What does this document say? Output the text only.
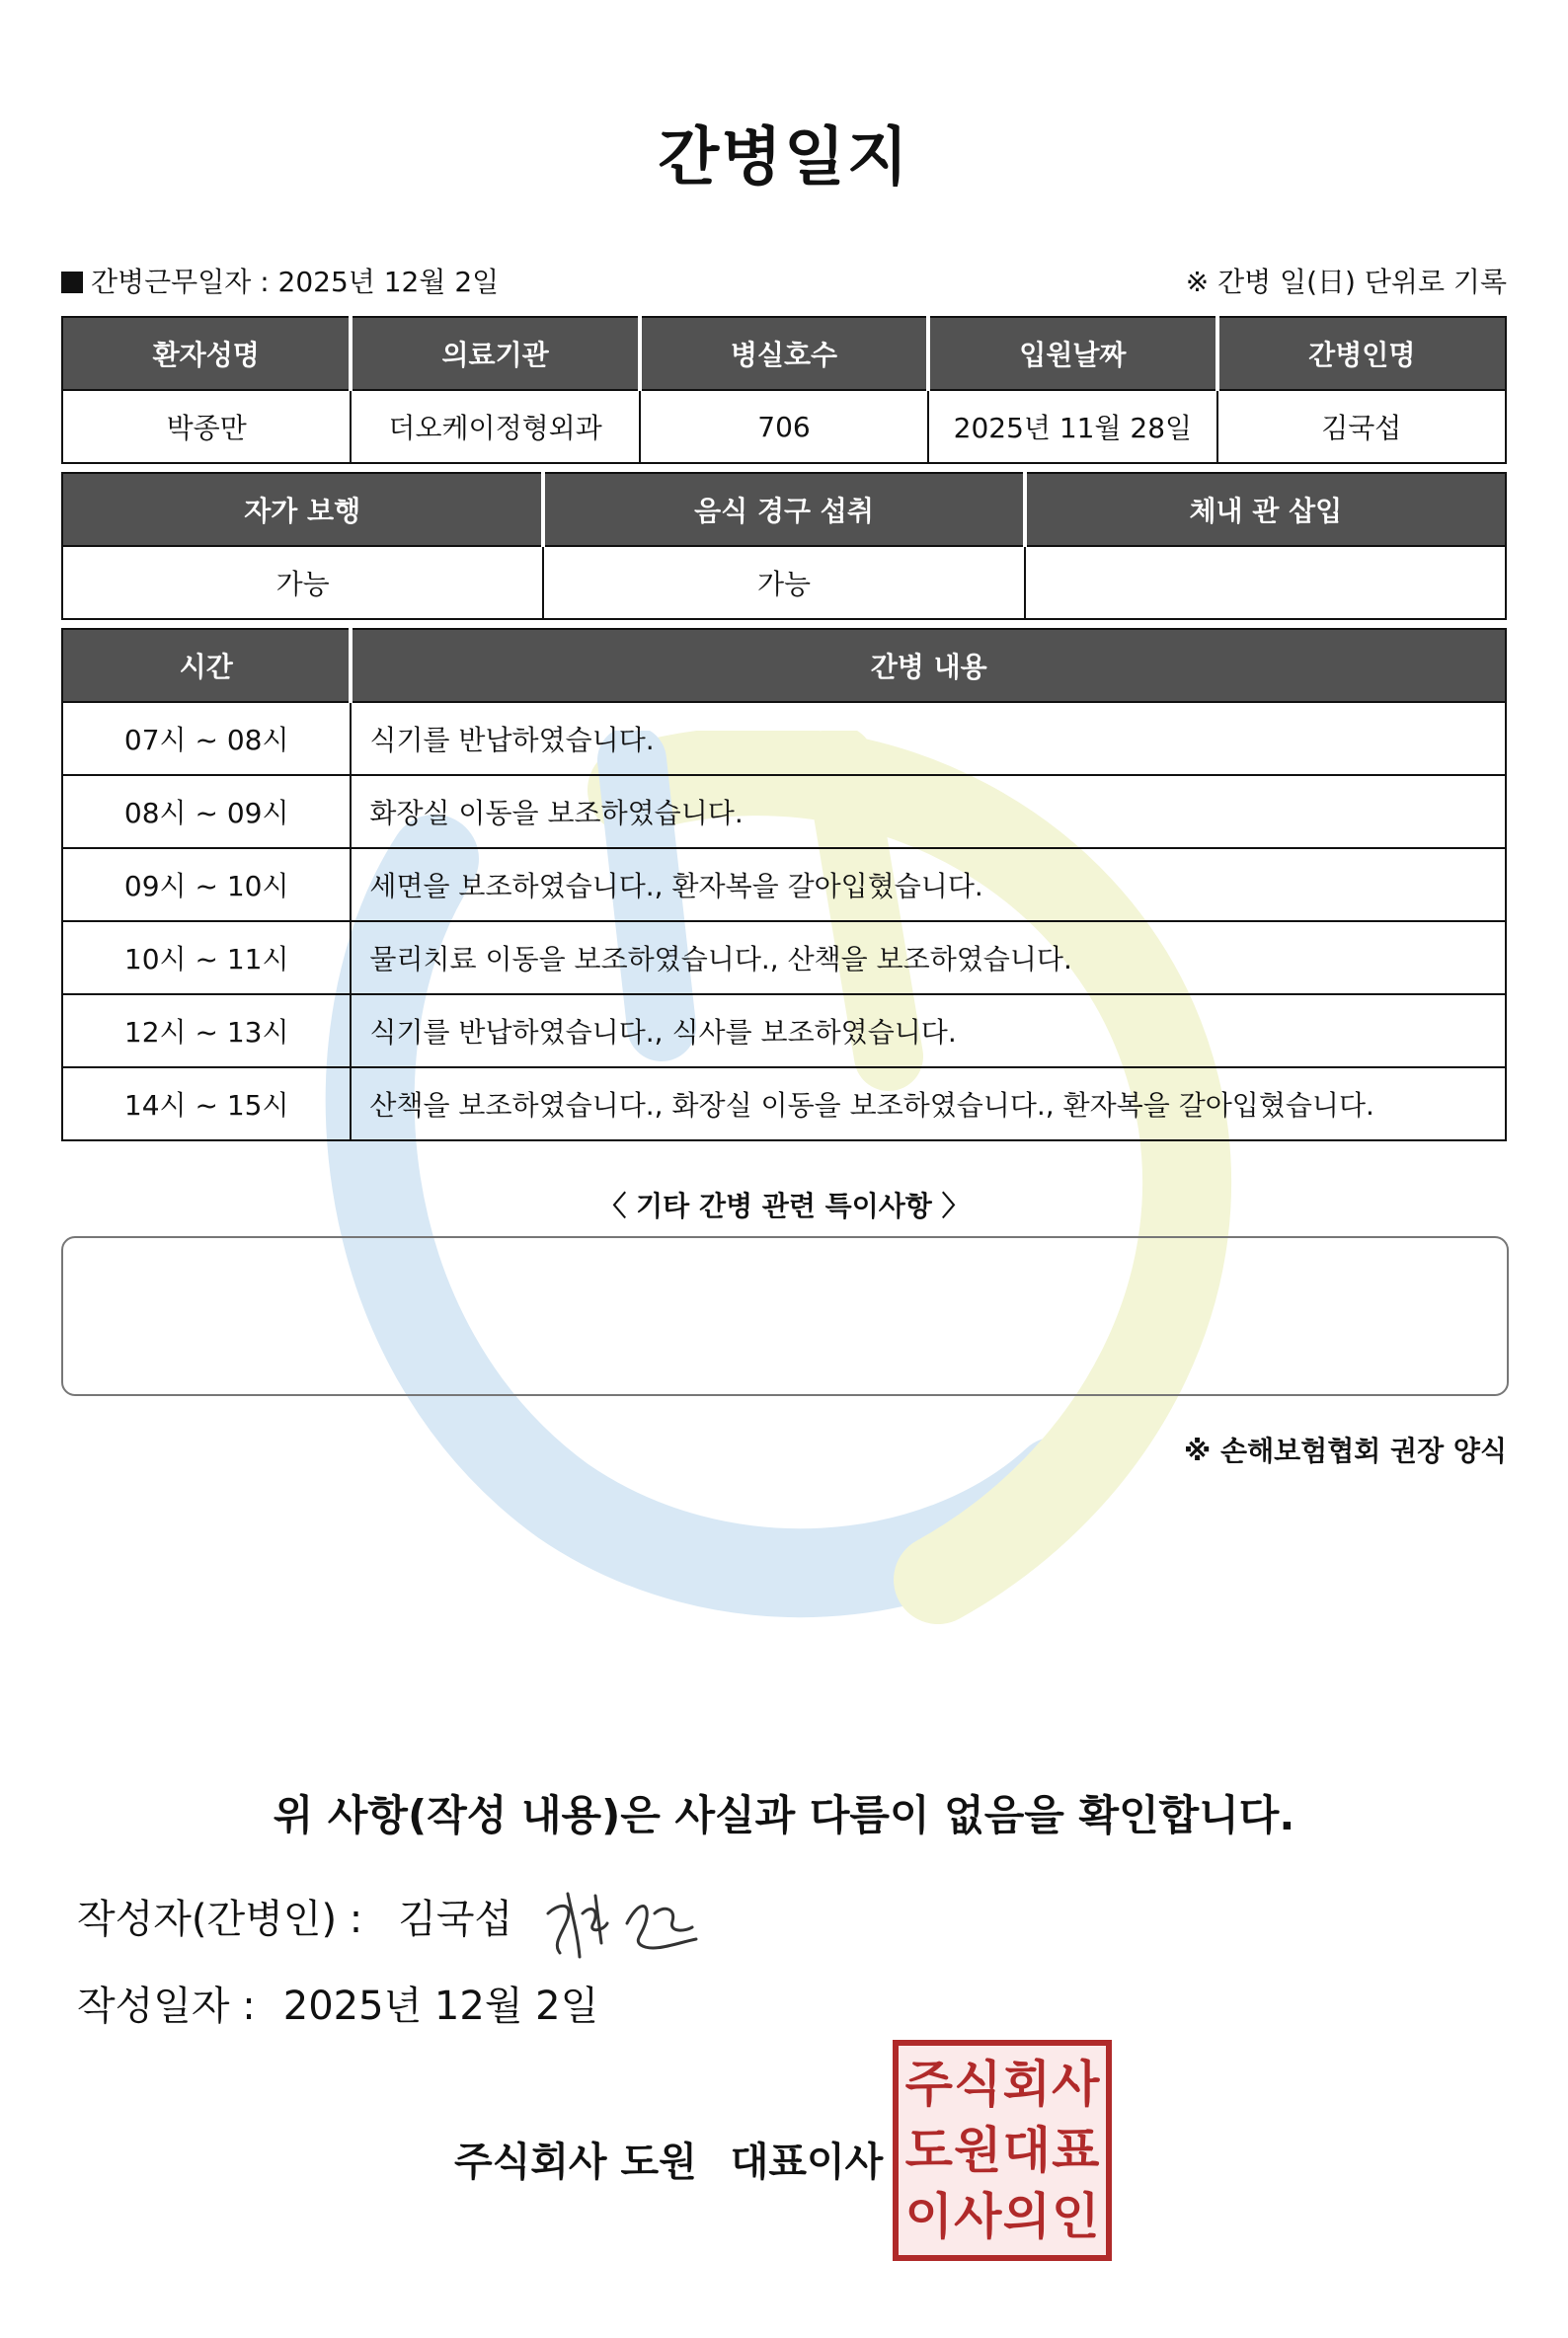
간병일지
간병근무일자 : 2025년 12월 2일	※ 간병 일(日) 단위로 기록
환자성명	의료기관	병실호수	입원날짜	간병인명
박종만	더오케이정형외과	706	2025년 11월 28일	김국섭
자가 보행	음식 경구 섭취	체내 관 삽입
가능	가능	
시간	간병 내용
07시 ~ 08시	식기를 반납하였습니다.
08시 ~ 09시	화장실 이동을 보조하였습니다.
09시 ~ 10시	세면을 보조하였습니다., 환자복을 갈아입혔습니다.
10시 ~ 11시	물리치료 이동을 보조하였습니다., 산책을 보조하였습니다.
12시 ~ 13시	식기를 반납하였습니다., 식사를 보조하였습니다.
14시 ~ 15시	산책을 보조하였습니다., 화장실 이동을 보조하였습니다., 환자복을 갈아입혔습니다.
〈 기타 간병 관련 특이사항 〉
※ 손해보험협회 권장 양식
위 사항(작성 내용)은 사실과 다름이 없음을 확인합니다.
작성자(간병인) : 김국섭
작성일자 : 2025년 12월 2일
주식회사 도원 대표이사
주 식 회 사
도 원 대 표
이 사 의 인
